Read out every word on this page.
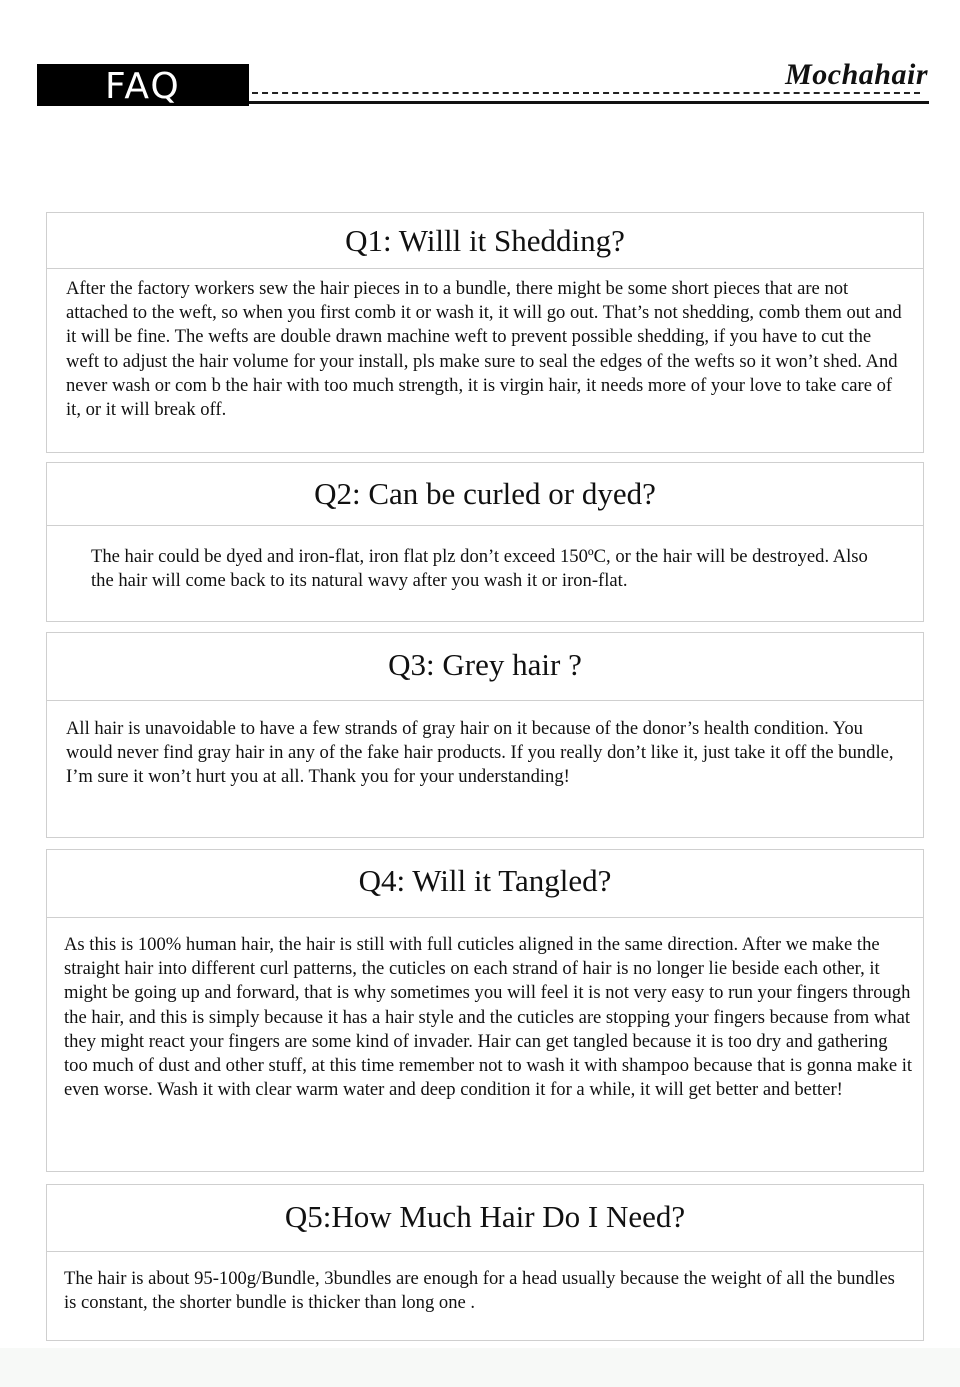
FAQ	Mochahair
Q1: Willl it Shedding?

After the factory workers sew the hair pieces in to a bundle, there might be some short pieces that are not attached to the weft, so when you first comb it or wash it, it will go out. That’s not shedding, comb them out and it will be fine. The wefts are double drawn machine weft to prevent possible shedding, if you have to cut the weft to adjust the hair volume for your install, pls make sure to seal the edges of the wefts so it won’t shed. And never wash or com b the hair with too much strength, it is virgin hair, it needs more of your love to take care of it, or it will break off.

Q2: Can be curled or dyed?

The hair could be dyed and iron-flat, iron flat plz don’t exceed 150ºC, or the hair will be destroyed. Also the hair will come back to its natural wavy after you wash it or iron-flat.

Q3: Grey hair ?

All hair is unavoidable to have a few strands of gray hair on it because of the donor’s health condition. You would never find gray hair in any of the fake hair products. If you really don’t like it, just take it off the bundle, I’m sure it won’t hurt you at all. Thank you for your understanding!

Q4: Will it Tangled?

As this is 100% human hair, the hair is still with full cuticles aligned in the same direction. After we make the straight hair into different curl patterns, the cuticles on each strand of hair is no longer lie beside each other, it might be going up and forward, that is why sometimes you will feel it is not very easy to run your fingers through the hair, and this is simply because it has a hair style and the cuticles are stopping your fingers because from what they might react your fingers are some kind of invader. Hair can get tangled because it is too dry and gathering too much of dust and other stuff, at this time remember not to wash it with shampoo because that is gonna make it even worse. Wash it with clear warm water and deep condition it for a while, it will get better and better!

Q5:How Much Hair Do I Need?

The hair is about 95-100g/Bundle, 3bundles are enough for a head usually because the weight of all the bundles is constant, the shorter bundle is thicker than long one .
